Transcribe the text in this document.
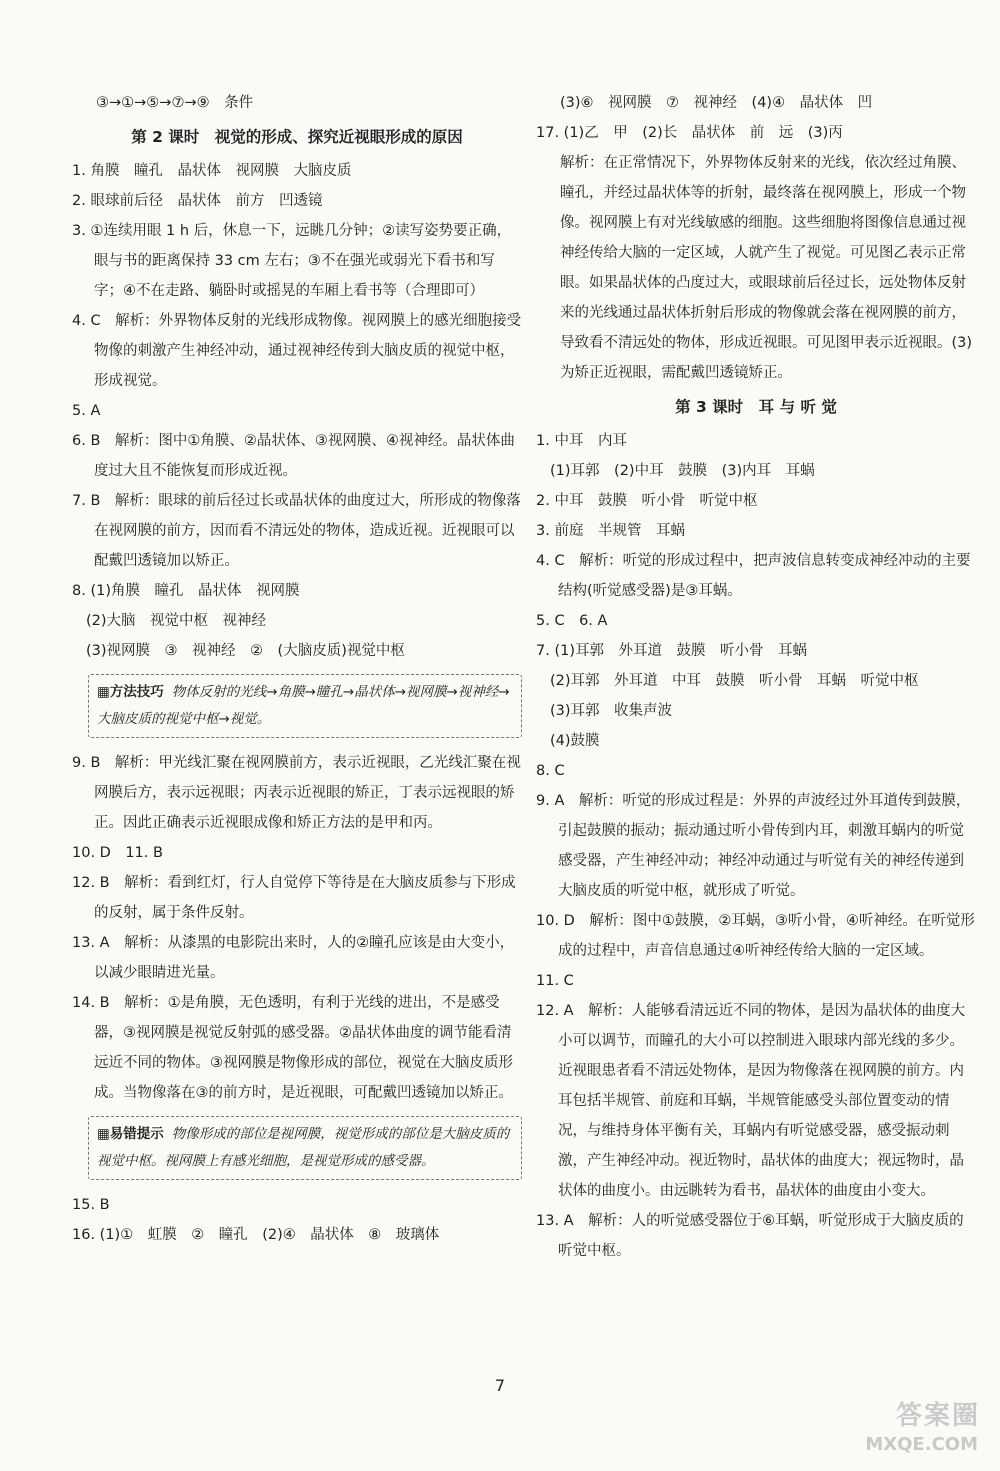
③→①→⑤→⑦→⑨　条件
第 2 课时　视觉的形成、探究近视眼形成的原因
1. 角膜　瞳孔　晶状体　视网膜　大脑皮质
2. 眼球前后径　晶状体　前方　凹透镜
3. ①连续用眼 1 h 后，休息一下，远眺几分钟；②读写姿势要正确，眼与书的距离保持 33 cm 左右；③不在强光或弱光下看书和写字；④不在走路、躺卧时或摇晃的车厢上看书等（合理即可）
4. C　解析：外界物体反射的光线形成物像。视网膜上的感光细胞接受物像的刺激产生神经冲动，通过视神经传到大脑皮质的视觉中枢，形成视觉。
5. A
6. B　解析：图中①角膜、②晶状体、③视网膜、④视神经。晶状体曲度过大且不能恢复而形成近视。
7. B　解析：眼球的前后径过长或晶状体的曲度过大，所形成的物像落在视网膜的前方，因而看不清远处的物体，造成近视。近视眼可以配戴凹透镜加以矫正。
8. (1)角膜　瞳孔　晶状体　视网膜
(2)大脑　视觉中枢　视神经
(3)视网膜　③　视神经　②　(大脑皮质)视觉中枢
▦方法技巧 物体反射的光线→角膜→瞳孔→晶状体→视网膜→视神经→大脑皮质的视觉中枢→视觉。
9. B　解析：甲光线汇聚在视网膜前方，表示近视眼，乙光线汇聚在视网膜后方，表示远视眼；丙表示近视眼的矫正，丁表示远视眼的矫正。因此正确表示近视眼成像和矫正方法的是甲和丙。
10. D　11. B
12. B　解析：看到红灯，行人自觉停下等待是在大脑皮质参与下形成的反射，属于条件反射。
13. A　解析：从漆黑的电影院出来时，人的②瞳孔应该是由大变小，以减少眼睛进光量。
14. B　解析：①是角膜，无色透明，有利于光线的进出，不是感受器，③视网膜是视觉反射弧的感受器。②晶状体曲度的调节能看清远近不同的物体。③视网膜是物像形成的部位，视觉在大脑皮质形成。当物像落在③的前方时，是近视眼，可配戴凹透镜加以矫正。
▦易错提示 物像形成的部位是视网膜，视觉形成的部位是大脑皮质的视觉中枢。视网膜上有感光细胞，是视觉形成的感受器。
15. B
16. (1)①　虹膜　②　瞳孔　(2)④　晶状体　⑧　玻璃体
(3)⑥　视网膜　⑦　视神经　(4)④　晶状体　凹
17. (1)乙　甲　(2)长　晶状体　前　远　(3)丙
解析：在正常情况下，外界物体反射来的光线，依次经过角膜、瞳孔，并经过晶状体等的折射，最终落在视网膜上，形成一个物像。视网膜上有对光线敏感的细胞。这些细胞将图像信息通过视神经传给大脑的一定区域，人就产生了视觉。可见图乙表示正常眼。如果晶状体的凸度过大，或眼球前后径过长，远处物体反射来的光线通过晶状体折射后形成的物像就会落在视网膜的前方，导致看不清远处的物体，形成近视眼。可见图甲表示近视眼。(3)为矫正近视眼，需配戴凹透镜矫正。
第 3 课时　耳 与 听 觉
1. 中耳　内耳
(1)耳郭　(2)中耳　鼓膜　(3)内耳　耳蜗
2. 中耳　鼓膜　听小骨　听觉中枢
3. 前庭　半规管　耳蜗
4. C　解析：听觉的形成过程中，把声波信息转变成神经冲动的主要结构(听觉感受器)是③耳蜗。
5. C　6. A
7. (1)耳郭　外耳道　鼓膜　听小骨　耳蜗
(2)耳郭　外耳道　中耳　鼓膜　听小骨　耳蜗　听觉中枢
(3)耳郭　收集声波
(4)鼓膜
8. C
9. A　解析：听觉的形成过程是：外界的声波经过外耳道传到鼓膜，引起鼓膜的振动；振动通过听小骨传到内耳，刺激耳蜗内的听觉感受器，产生神经冲动；神经冲动通过与听觉有关的神经传递到大脑皮质的听觉中枢，就形成了听觉。
10. D　解析：图中①鼓膜，②耳蜗，③听小骨，④听神经。在听觉形成的过程中，声音信息通过④听神经传给大脑的一定区域。
11. C
12. A　解析：人能够看清远近不同的物体，是因为晶状体的曲度大小可以调节，而瞳孔的大小可以控制进入眼球内部光线的多少。近视眼患者看不清远处物体，是因为物像落在视网膜的前方。内耳包括半规管、前庭和耳蜗，半规管能感受头部位置变动的情况，与维持身体平衡有关，耳蜗内有听觉感受器，感受振动刺激，产生神经冲动。视近物时，晶状体的曲度大；视远物时，晶状体的曲度小。由远眺转为看书，晶状体的曲度由小变大。
13. A　解析：人的听觉感受器位于⑥耳蜗，听觉形成于大脑皮质的听觉中枢。
7
答案圈
MXQE.COM
